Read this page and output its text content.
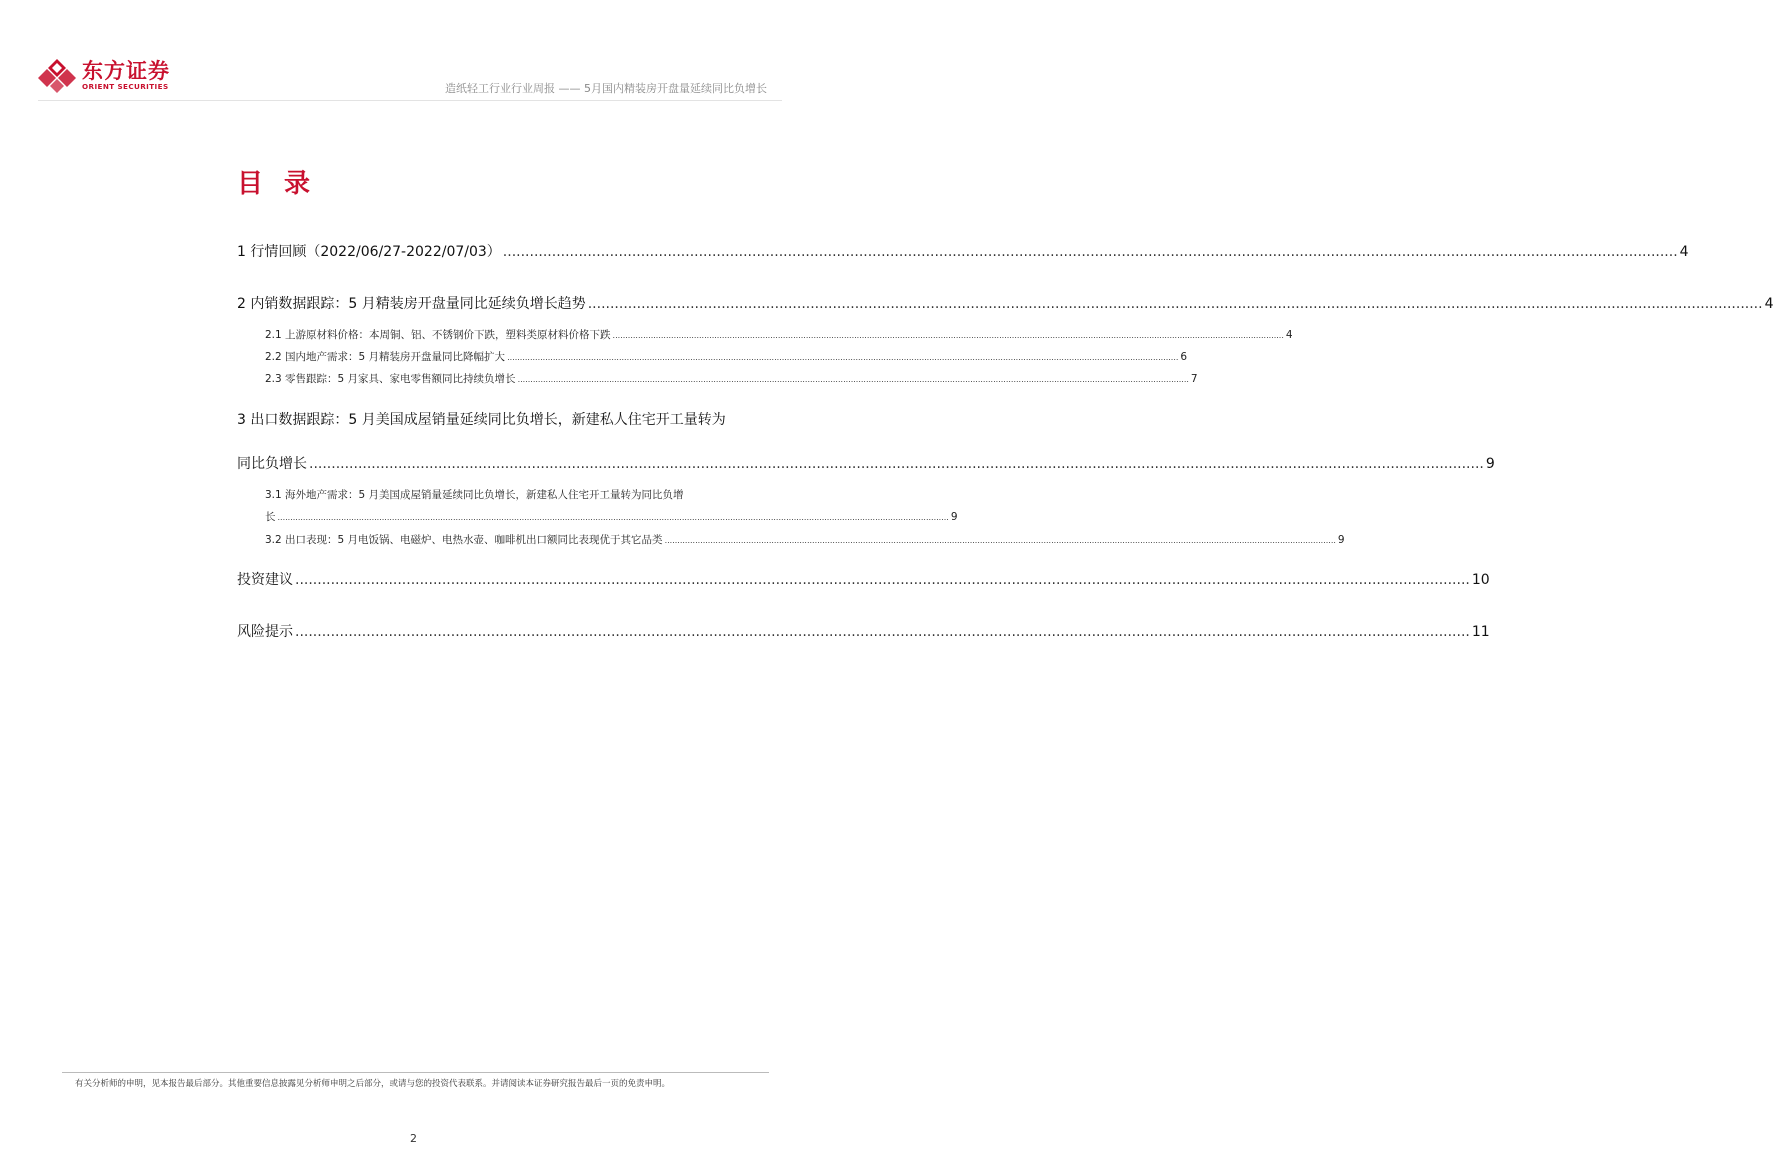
东方证券
ORIENT SECURITIES	造纸轻工行业行业周报 —— 5月国内精装房开盘量延续同比负增长
目 录
1 行情回顾（2022/06/27-2022/07/03） .....	4
2 内销数据跟踪：5 月精装房开盘量同比延续负增长趋势 .....	4
2.1 上游原材料价格：本周铜、铝、不锈钢价下跌，塑料类原材料价格下跌 .....	4
2.2 国内地产需求：5 月精装房开盘量同比降幅扩大 .....	6
2.3 零售跟踪：5 月家具、家电零售额同比持续负增长 .....	7
3 出口数据跟踪：5 月美国成屋销量延续同比负增长，新建私人住宅开工量转为
同比负增长 .....	9
3.1 海外地产需求：5 月美国成屋销量延续同比负增长，新建私人住宅开工量转为同比负增
长 .....	9
3.2 出口表现：5 月电饭锅、电磁炉、电热水壶、咖啡机出口额同比表现优于其它品类 .....	9
投资建议 .....	10
风险提示 .....	11
有关分析师的申明，见本报告最后部分。其他重要信息披露见分析师申明之后部分，或请与您的投资代表联系。并请阅读本证券研究报告最后一页的免责申明。
2
